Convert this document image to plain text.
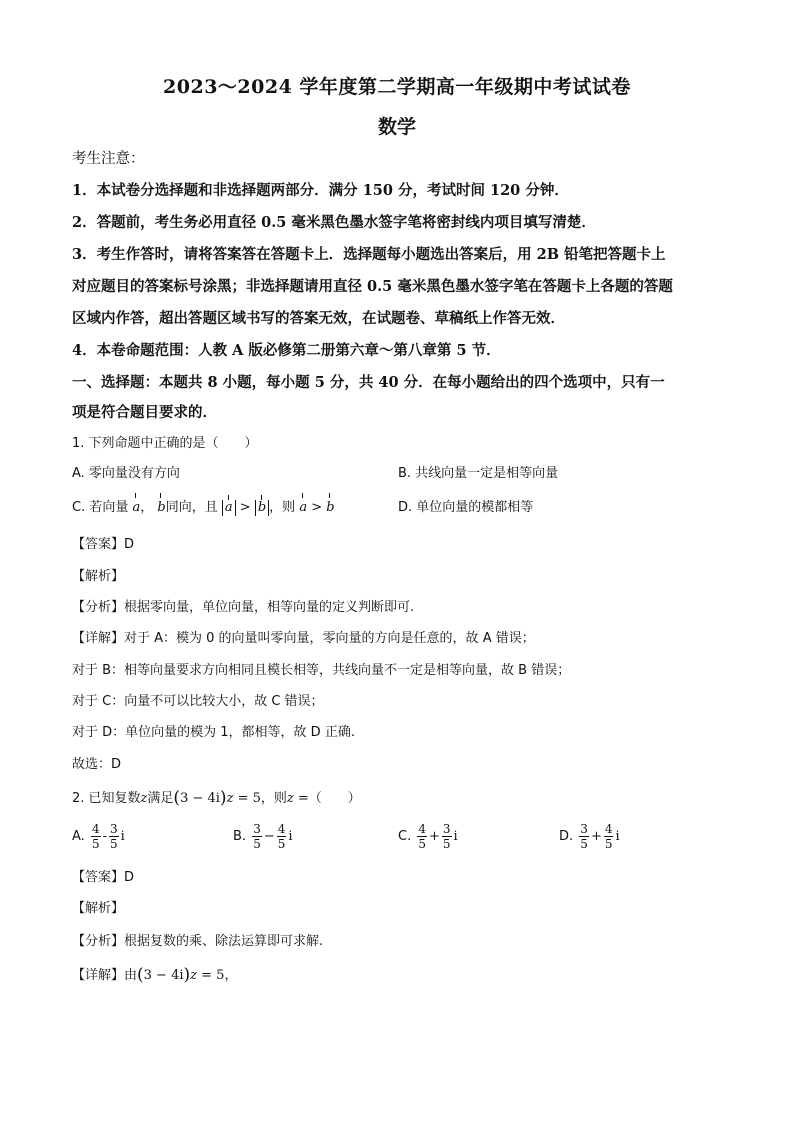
2023～2024 学年度第二学期高一年级期中考试试卷
数学
考生注意：
1．本试卷分选择题和非选择题两部分．满分 150 分，考试时间 120 分钟．
2．答题前，考生务必用直径 0.5 毫米黑色墨水签字笔将密封线内项目填写清楚．
3．考生作答时，请将答案答在答题卡上．选择题每小题选出答案后，用 2B 铅笔把答题卡上
对应题目的答案标号涂黑；非选择题请用直径 0.5 毫米黑色墨水签字笔在答题卡上各题的答题
区域内作答，超出答题区域书写的答案无效，在试题卷、草稿纸上作答无效．
4．本卷命题范围：人教 A 版必修第二册第六章～第八章第 5 节．
一、选择题：本题共 8 小题，每小题 5 分，共 40 分．在每小题给出的四个选项中，只有一
项是符合题目要求的．
1. 下列命题中正确的是（　　）
A. 零向量没有方向	B. 共线向量一定是相等向量
C. 若向量 a， b同向，且 a > b ，则 a > b	D. 单位向量的模都相等
【答案】D
【解析】
【分析】根据零向量，单位向量，相等向量的定义判断即可.
【详解】对于 A：模为 0 的向量叫零向量，零向量的方向是任意的，故 A 错误；
对于 B：相等向量要求方向相同且模长相等，共线向量不一定是相等向量，故 B 错误；
对于 C：向量不可以比较大小，故 C 错误；
对于 D：单位向量的模为 1，都相等，故 D 正确.
故选：D
2. 已知复数z满足(3 − 4i)z = 5，则z =（　　）
A. $\frac{4}{5} - \frac{3}{5}$ i	B. $\frac{3}{5} - \frac{4}{5}$ i	C. $\frac{4}{5} + \frac{3}{5}$ i	D. $\frac{3}{5} + \frac{4}{5}$ i
【答案】D
【解析】
【分析】根据复数的乘、除法运算即可求解.
【详解】由(3 − 4i)z = 5，
